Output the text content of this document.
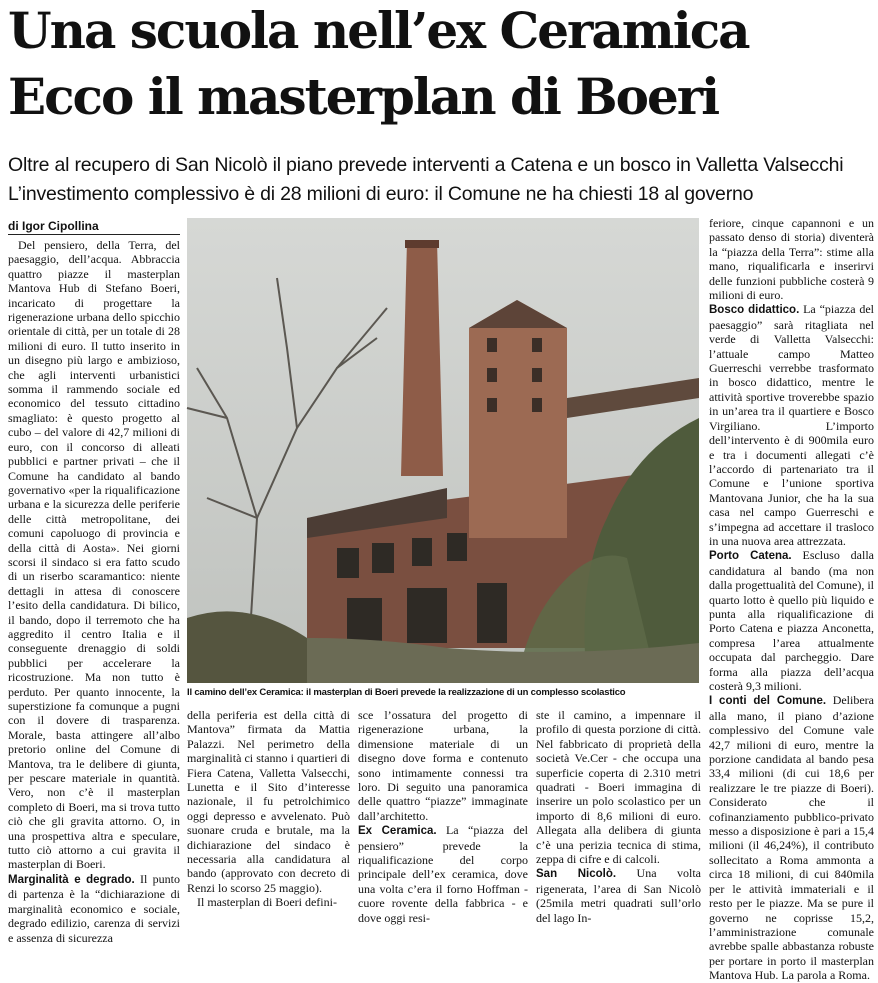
Una scuola nell’ex Ceramica
Ecco il masterplan di Boeri
Oltre al recupero di San Nicolò il piano prevede interventi a Catena e un bosco in Valletta Valsecchi
L’investimento complessivo è di 28 milioni di euro: il Comune ne ha chiesti 18 al governo
di Igor Cipollina

Del pensiero, della Terra, del paesaggio, dell’acqua. Abbraccia quattro piazze il masterplan Mantova Hub di Stefano Boeri, incaricato di progettare la rigenerazione urbana dello spicchio orientale di città, per un totale di 28 milioni di euro. Il tutto inserito in un disegno più largo e ambizioso, che agli interventi urbanistici somma il rammendo sociale ed economico del tessuto cittadino smagliato: è questo progetto al cubo – del valore di 42,7 milioni di euro, con il concorso di alleati pubblici e partner privati – che il Comune ha candidato al bando governativo «per la riqualificazione urbana e la sicurezza delle periferie delle città metropolitane, dei comuni capoluogo di provincia e della città di Aosta». Nei giorni scorsi il sindaco si era fatto scudo di un riserbo scaramantico: niente dettagli in attesa di conoscere l’esito della candidatura. Di bilico, il bando, dopo il terremoto che ha aggredito il centro Italia e il conseguente drenaggio di soldi pubblici per accelerare la ricostruzione. Ma non tutto è perduto. Per quanto innocente, la superstizione fa comunque a pugni con il dovere di trasparenza. Morale, basta attingere all’albo pretorio online del Comune di Mantova, tra le delibere di giunta, per pescare materiale in quantità. Vero, non c’è il masterplan completo di Boeri, ma si trova tutto ciò che gli gravita attorno. O, in una prospettiva altra e speculare, tutto ciò attorno a cui gravita il masterplan di Boeri.

Marginalità e degrado. Il punto di partenza è la “dichiarazione di marginalità economico e sociale, degrado edilizio, carenza di servizi e assenza di sicurezza

Il camino dell’ex Ceramica: il masterplan di Boeri prevede la realizzazione di un complesso scolastico

della periferia est della città di Mantova” firmata da Mattia Palazzi. Nel perimetro della marginalità ci stanno i quartieri di Fiera Catena, Valletta Valsecchi, Lunetta e il Sito d’interesse nazionale, il fu petrolchimico oggi depresso e avvelenato. Può suonare cruda e brutale, ma la dichiarazione del sindaco è necessaria alla candidatura al bando (approvato con decreto di Renzi lo scorso 25 maggio).

Il masterplan di Boeri defini-

sce l’ossatura del progetto di rigenerazione urbana, la dimensione materiale di un disegno dove forma e contenuto sono intimamente connessi tra loro. Di seguito una panoramica delle quattro “piazze” immaginate dall’architetto.

Ex Ceramica. La “piazza del pensiero” prevede la riqualificazione del corpo principale dell’ex ceramica, dove una volta c’era il forno Hoffman - cuore rovente della fabbrica - e dove oggi resi-

ste il camino, a impennare il profilo di questa porzione di città. Nel fabbricato di proprietà della società Ve.Cer - che occupa una superficie coperta di 2.310 metri quadrati - Boeri immagina di inserire un polo scolastico per un importo di 8,6 milioni di euro. Allegata alla delibera di giunta c’è una perizia tecnica di stima, zeppa di cifre e di calcoli.

San Nicolò. Una volta rigenerata, l’area di San Nicolò (25mila metri quadrati sull’orlo del lago In-

feriore, cinque capannoni e un passato denso di storia) diventerà la “piazza della Terra”: stime alla mano, riqualificarla e inserirvi delle funzioni pubbliche costerà 9 milioni di euro.

Bosco didattico. La “piazza del paesaggio” sarà ritagliata nel verde di Valletta Valsecchi: l’attuale campo Matteo Guerreschi verrebbe trasformato in bosco didattico, mentre le attività sportive troverebbe spazio in un’area tra il quartiere e Bosco Virgiliano. L’importo dell’intervento è di 900mila euro e tra i documenti allegati c’è l’accordo di partenariato tra il Comune e l’unione sportiva Mantovana Junior, che ha la sua casa nel campo Guerreschi e s’impegna ad accettare il trasloco in una nuova area attrezzata.

Porto Catena. Escluso dalla candidatura al bando (ma non dalla progettualità del Comune), il quarto lotto è quello più liquido e punta alla riqualificazione di Porto Catena e piazza Anconetta, compresa l’area attualmente occupata dal parcheggio. Dare forma alla piazza dell’acqua costerà 9,3 milioni.

I conti del Comune. Delibera alla mano, il piano d’azione complessivo del Comune vale 42,7 milioni di euro, mentre la porzione candidata al bando pesa 33,4 milioni (di cui 18,6 per realizzare le tre piazze di Boeri). Considerato che il cofinanziamento pubblico-privato messo a disposizione è pari a 15,4 milioni (il 46,24%), il contributo sollecitato a Roma ammonta a circa 18 milioni, di cui 840mila per le attività immateriali e il resto per le piazze. Ma se pure il governo ne coprisse 15,2, l’amministrazione comunale avrebbe spalle abbastanza robuste per portare in porto il masterplan Mantova Hub. La parola a Roma.
